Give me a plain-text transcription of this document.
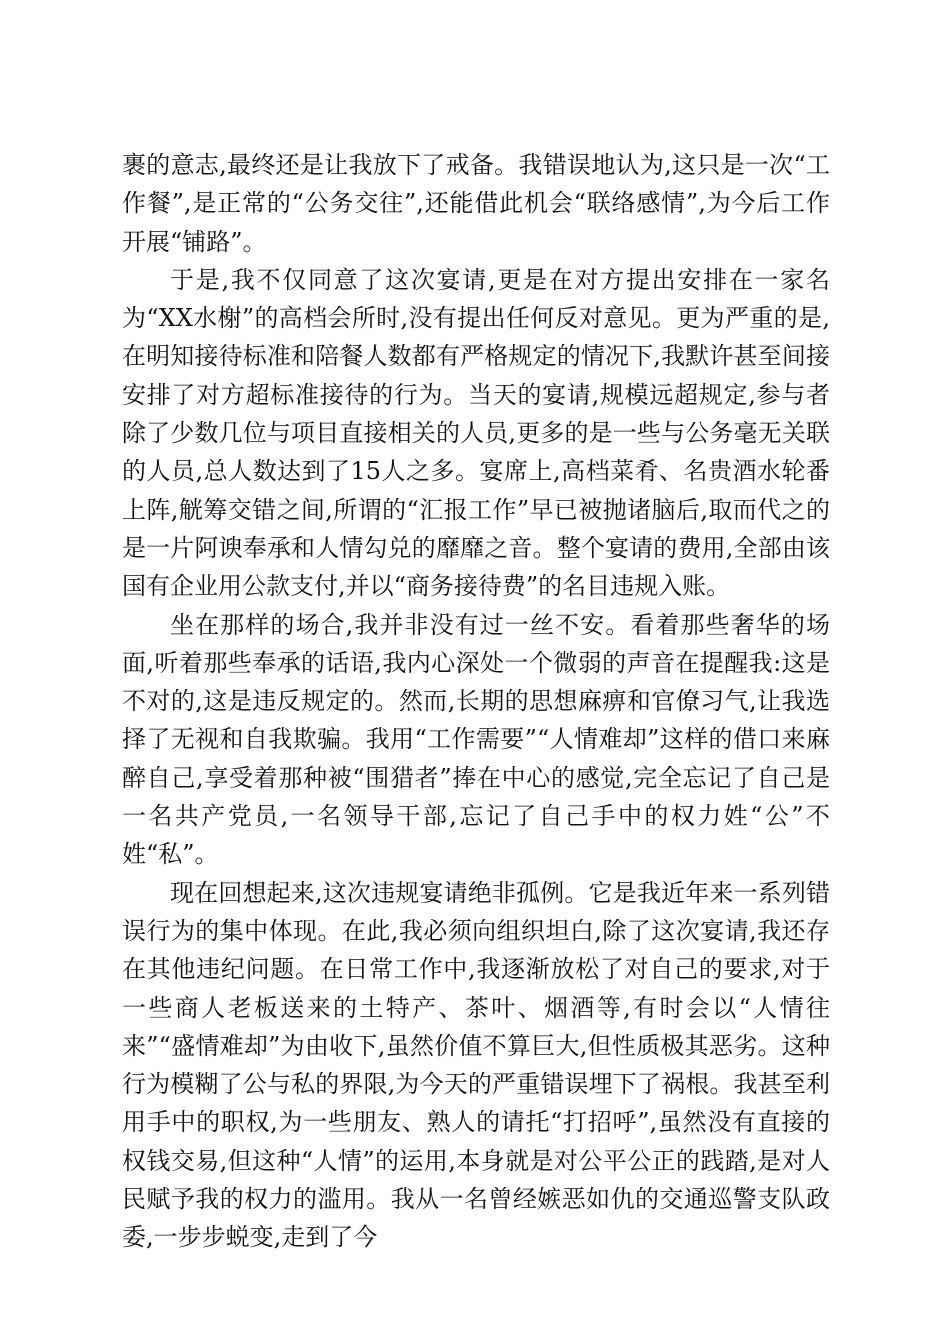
裹的意志,最终还是让我放下了戒备。我错误地认为,这只是一次“工作餐”,是正常的“公务交往”,还能借此机会“联络感情”,为今后工作开展“铺路”。

于是,我不仅同意了这次宴请,更是在对方提出安排在一家名为“XX水榭”的高档会所时,没有提出任何反对意见。更为严重的是,在明知接待标准和陪餐人数都有严格规定的情况下,我默许甚至间接安排了对方超标准接待的行为。当天的宴请,规模远超规定,参与者除了少数几位与项目直接相关的人员,更多的是一些与公务毫无关联的人员,总人数达到了15人之多。宴席上,高档菜肴、名贵酒水轮番上阵,觥筹交错之间,所谓的“汇报工作”早已被抛诸脑后,取而代之的是一片阿谀奉承和人情勾兑的靡靡之音。整个宴请的费用,全部由该国有企业用公款支付,并以“商务接待费”的名目违规入账。

坐在那样的场合,我并非没有过一丝不安。看着那些奢华的场面,听着那些奉承的话语,我内心深处一个微弱的声音在提醒我:这是不对的,这是违反规定的。然而,长期的思想麻痹和官僚习气,让我选择了无视和自我欺骗。我用“工作需要”“人情难却”这样的借口来麻醉自己,享受着那种被“围猎者”捧在中心的感觉,完全忘记了自己是一名共产党员,一名领导干部,忘记了自己手中的权力姓“公”不姓“私”。

现在回想起来,这次违规宴请绝非孤例。它是我近年来一系列错误行为的集中体现。在此,我必须向组织坦白,除了这次宴请,我还存在其他违纪问题。在日常工作中,我逐渐放松了对自己的要求,对于一些商人老板送来的土特产、茶叶、烟酒等,有时会以“人情往来”“盛情难却”为由收下,虽然价值不算巨大,但性质极其恶劣。这种行为模糊了公与私的界限,为今天的严重错误埋下了祸根。我甚至利用手中的职权,为一些朋友、熟人的请托“打招呼”,虽然没有直接的权钱交易,但这种“人情”的运用,本身就是对公平公正的践踏,是对人民赋予我的权力的滥用。我从一名曾经嫉恶如仇的交通巡警支队政委,一步步蜕变,走到了今
